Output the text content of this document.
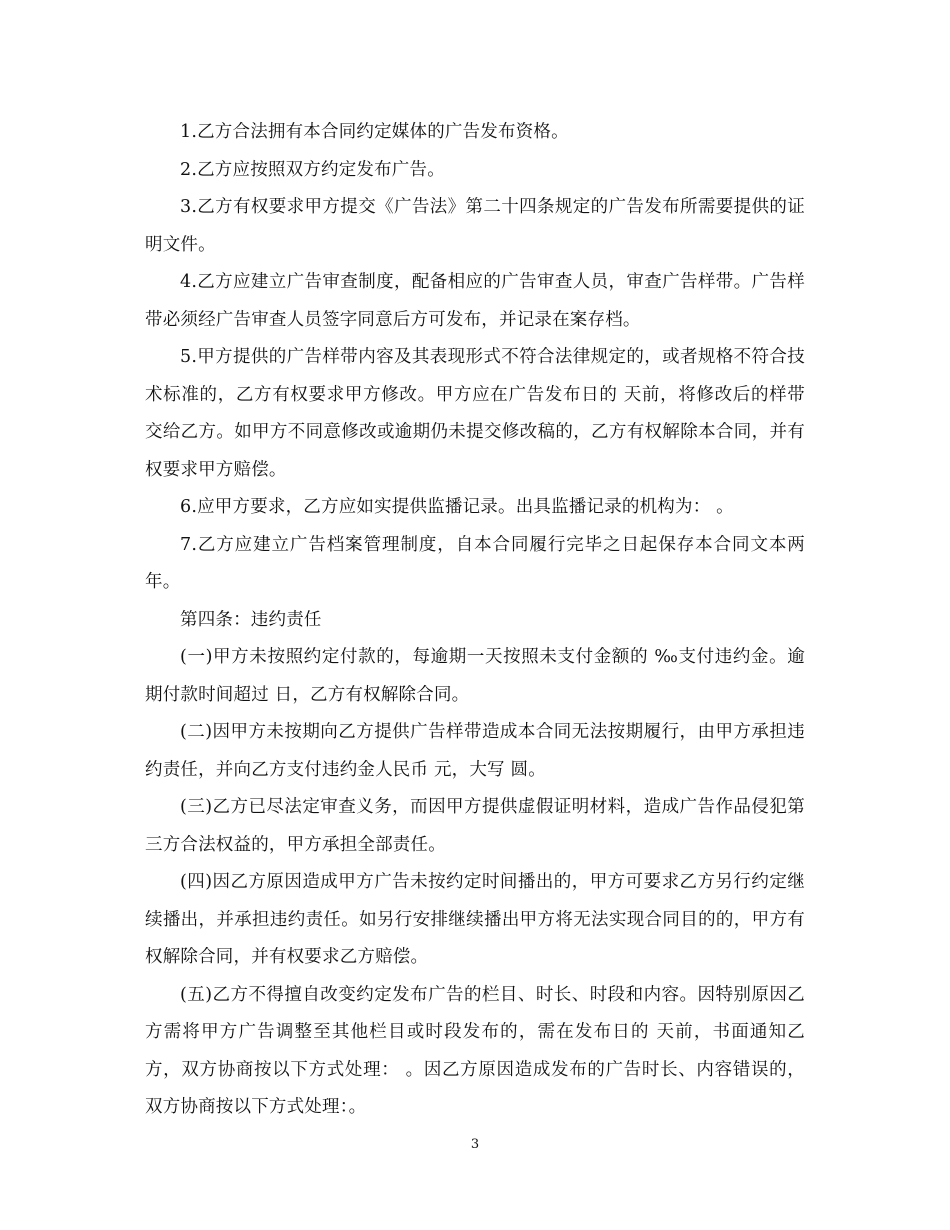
1.乙方合法拥有本合同约定媒体的广告发布资格。

2.乙方应按照双方约定发布广告。

3.乙方有权要求甲方提交《广告法》第二十四条规定的广告发布所需要提供的证明文件。

4.乙方应建立广告审查制度，配备相应的广告审查人员，审查广告样带。广告样带必须经广告审查人员签字同意后方可发布，并记录在案存档。

5.甲方提供的广告样带内容及其表现形式不符合法律规定的，或者规格不符合技术标准的，乙方有权要求甲方修改。甲方应在广告发布日的 天前，将修改后的样带交给乙方。如甲方不同意修改或逾期仍未提交修改稿的，乙方有权解除本合同，并有权要求甲方赔偿。

6.应甲方要求，乙方应如实提供监播记录。出具监播记录的机构为： 。

7.乙方应建立广告档案管理制度，自本合同履行完毕之日起保存本合同文本两年。

第四条：违约责任

(一)甲方未按照约定付款的，每逾期一天按照未支付金额的 ‰支付违约金。逾期付款时间超过 日，乙方有权解除合同。

(二)因甲方未按期向乙方提供广告样带造成本合同无法按期履行，由甲方承担违约责任，并向乙方支付违约金人民币 元，大写 圆。

(三)乙方已尽法定审查义务，而因甲方提供虚假证明材料，造成广告作品侵犯第三方合法权益的，甲方承担全部责任。

(四)因乙方原因造成甲方广告未按约定时间播出的，甲方可要求乙方另行约定继续播出，并承担违约责任。如另行安排继续播出甲方将无法实现合同目的的，甲方有权解除合同，并有权要求乙方赔偿。

(五)乙方不得擅自改变约定发布广告的栏目、时长、时段和内容。因特别原因乙方需将甲方广告调整至其他栏目或时段发布的，需在发布日的 天前，书面通知乙方，双方协商按以下方式处理： 。因乙方原因造成发布的广告时长、内容错误的，双方协商按以下方式处理：。

3
